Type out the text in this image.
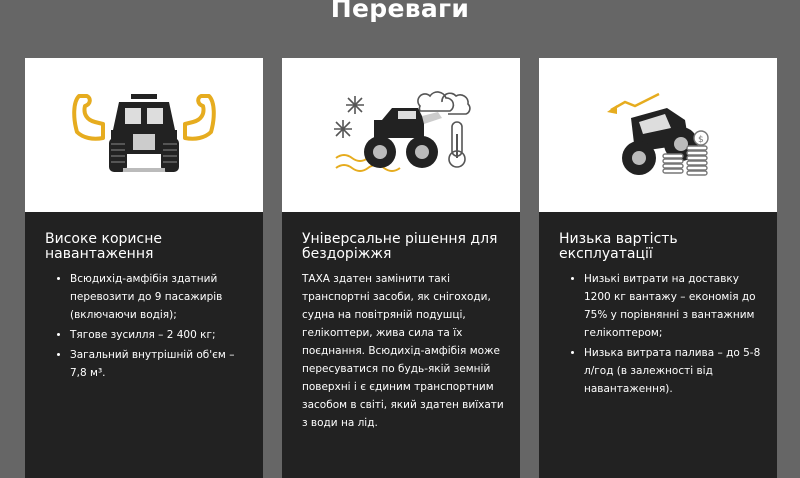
Переваги
Високе корисне навантаження
• Всюдихід-амфібія здатний перевозити до 9 пасажирів (включаючи водія);
• Тягове зусилля – 2 400 кг;
• Загальний внутрішній об'єм – 7,8 м³.
Універсальне рішення для бездоріжжя

ТАХА здатен замінити такі транспортні засоби, як снігоходи, судна на повітряній подушці, гелікоптери, жива сила та їх поєднання. Всюдихід-амфібія може пересуватися по будь-якій земній поверхні і є єдиним транспортним засобом в світі, який здатен виїхати з води на лід.

$
Низька вартість експлуатації
• Низькі витрати на доставку 1200 кг вантажу – економія до 75% у порівнянні з вантажним гелікоптером;
• Низька витрата палива – до 5-8 л/год (в залежності від навантаження).
